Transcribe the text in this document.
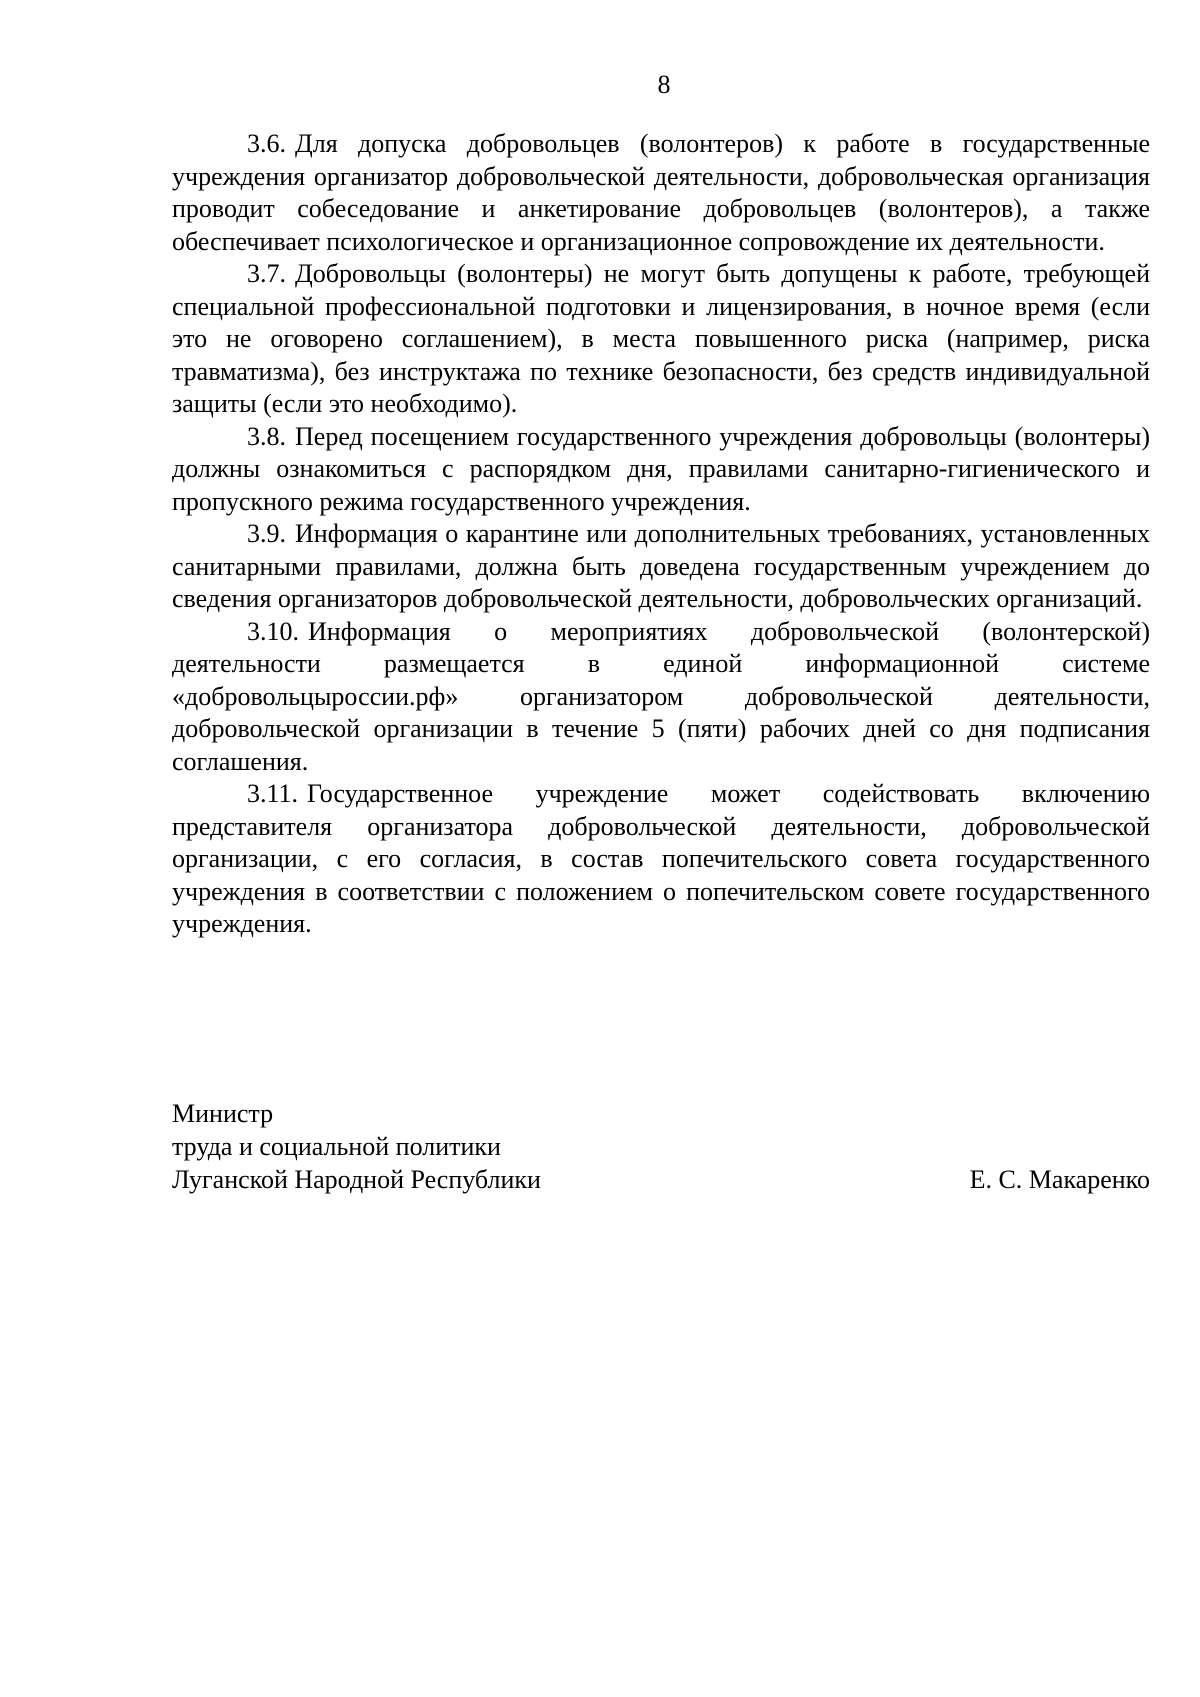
8

3.6. Для допуска добровольцев (волонтеров) к работе в государственные учреждения организатор добровольческой деятельности, добровольческая организация проводит собеседование и анкетирование добровольцев (волонтеров), а также обеспечивает психологическое и организационное сопровождение их деятельности.

3.7. Добровольцы (волонтеры) не могут быть допущены к работе, требующей специальной профессиональной подготовки и лицензирования, в ночное время (если это не оговорено соглашением), в места повышенного риска (например, риска травматизма), без инструктажа по технике безопасности, без средств индивидуальной защиты (если это необходимо).

3.8. Перед посещением государственного учреждения добровольцы (волонтеры) должны ознакомиться с распорядком дня, правилами санитарно-гигиенического и пропускного режима государственного учреждения.

3.9. Информация о карантине или дополнительных требованиях, установленных санитарными правилами, должна быть доведена государственным учреждением до сведения организаторов добровольческой деятельности, добровольческих организаций.

3.10. Информация о мероприятиях добровольческой (волонтерской) деятельности размещается в единой информационной системе «добровольцыроссии.рф» организатором добровольческой деятельности, добровольческой организации в течение 5 (пяти) рабочих дней со дня подписания соглашения.

3.11. Государственное учреждение может содействовать включению представителя организатора добровольческой деятельности, добровольческой организации, с его согласия, в состав попечительского совета государственного учреждения в соответствии с положением о попечительском совете государственного учреждения.

Министр
труда и социальной политики
Луганской Народной Республики	Е. С. Макаренко
